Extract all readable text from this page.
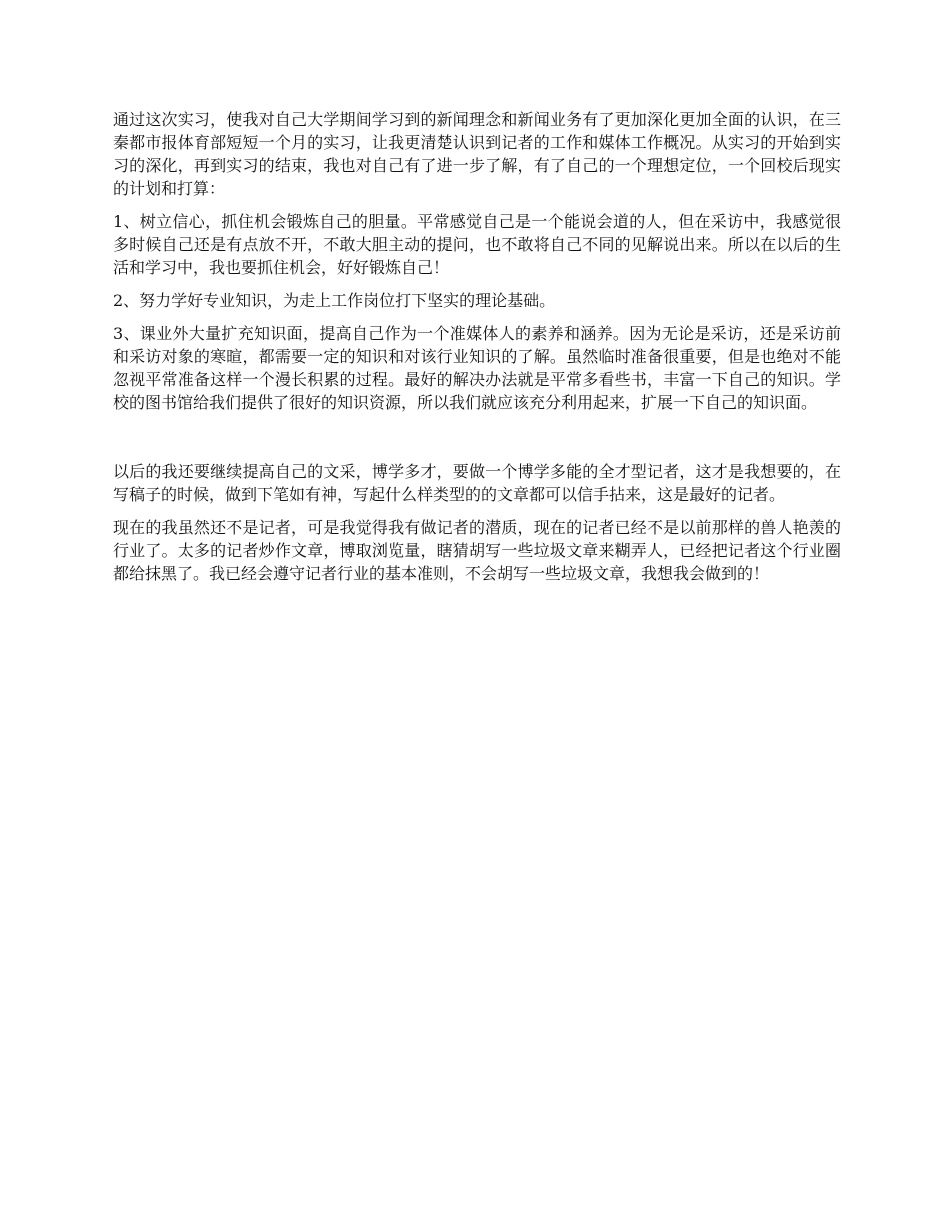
通过这次实习，使我对自己大学期间学习到的新闻理念和新闻业务有了更加深化更加全面的认识，在三秦都市报体育部短短一个月的实习，让我更清楚认识到记者的工作和媒体工作概况。从实习的开始到实习的深化，再到实习的结束，我也对自己有了进一步了解，有了自己的一个理想定位，一个回校后现实的计划和打算：

1、树立信心，抓住机会锻炼自己的胆量。平常感觉自己是一个能说会道的人，但在采访中，我感觉很多时候自己还是有点放不开，不敢大胆主动的提问，也不敢将自己不同的见解说出来。所以在以后的生活和学习中，我也要抓住机会，好好锻炼自己！

2、努力学好专业知识，为走上工作岗位打下坚实的理论基础。

3、课业外大量扩充知识面，提高自己作为一个准媒体人的素养和涵养。因为无论是采访，还是采访前和采访对象的寒暄，都需要一定的知识和对该行业知识的了解。虽然临时准备很重要，但是也绝对不能忽视平常准备这样一个漫长积累的过程。最好的解决办法就是平常多看些书，丰富一下自己的知识。学校的图书馆给我们提供了很好的知识资源，所以我们就应该充分利用起来，扩展一下自己的知识面。

以后的我还要继续提高自己的文采，博学多才，要做一个博学多能的全才型记者，这才是我想要的，在写稿子的时候，做到下笔如有神，写起什么样类型的的文章都可以信手拈来，这是最好的记者。

现在的我虽然还不是记者，可是我觉得我有做记者的潜质，现在的记者已经不是以前那样的兽人艳羡的行业了。太多的记者炒作文章，博取浏览量，瞎猜胡写一些垃圾文章来糊弄人，已经把记者这个行业圈都给抹黑了。我已经会遵守记者行业的基本准则，不会胡写一些垃圾文章，我想我会做到的！
